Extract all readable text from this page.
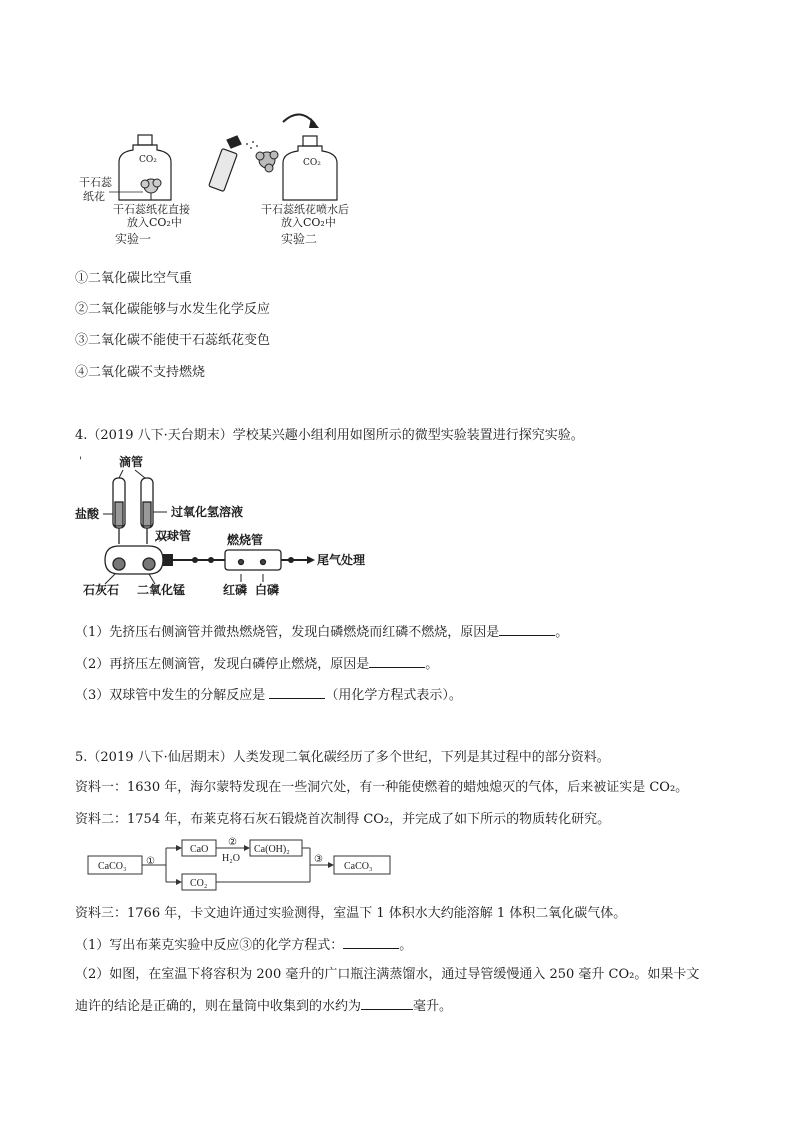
CO₂
干石蕊
纸花
干石蕊纸花直接
放入CO₂中
实验一
CO₂
干石蕊纸花喷水后
放入CO₂中
实验二
①二氧化碳比空气重
②二氧化碳能够与水发生化学反应
③二氧化碳不能使干石蕊纸花变色
④二氧化碳不支持燃烧
4.（2019 八下·天台期末）学校某兴趣小组利用如图所示的微型实验装置进行探究实验。
'	滴管
过氧化氢溶液
盐酸
双球管	燃烧管
尾气处理
石灰石 二氧化锰	红磷 白磷
（1）先挤压右侧滴管并微热燃烧管，发现白磷燃烧而红磷不燃烧，原因是	。
（2）再挤压左侧滴管，发现白磷停止燃烧，原因是	。
（3）双球管中发生的分解反应是	（用化学方程式表示）。
5.（2019 八下·仙居期末）人类发现二氧化碳经历了多个世纪，下列是其过程中的部分资料。
资料一：1630 年，海尔蒙特发现在一些洞穴处，有一种能使燃着的蜡烛熄灭的气体，后来被证实是 CO₂。
资料二：1754 年，布莱克将石灰石锻烧首次制得 CO₂，并完成了如下所示的物质转化研究。
CaCO₃ ①
CaO
CO₂
②
H₂O
Ca(OH)₂
③
CaCO₃
资料三：1766 年，卡文迪许通过实验测得，室温下 1 体积水大约能溶解 1 体积二氧化碳气体。
（1）写出布莱克实验中反应③的化学方程式：	。
（2）如图，在室温下将容积为 200 毫升的广口瓶注满蒸馏水，通过导管缓慢通入 250 毫升 CO₂。如果卡文
迪许的结论是正确的，则在量筒中收集到的水约为	毫升。
